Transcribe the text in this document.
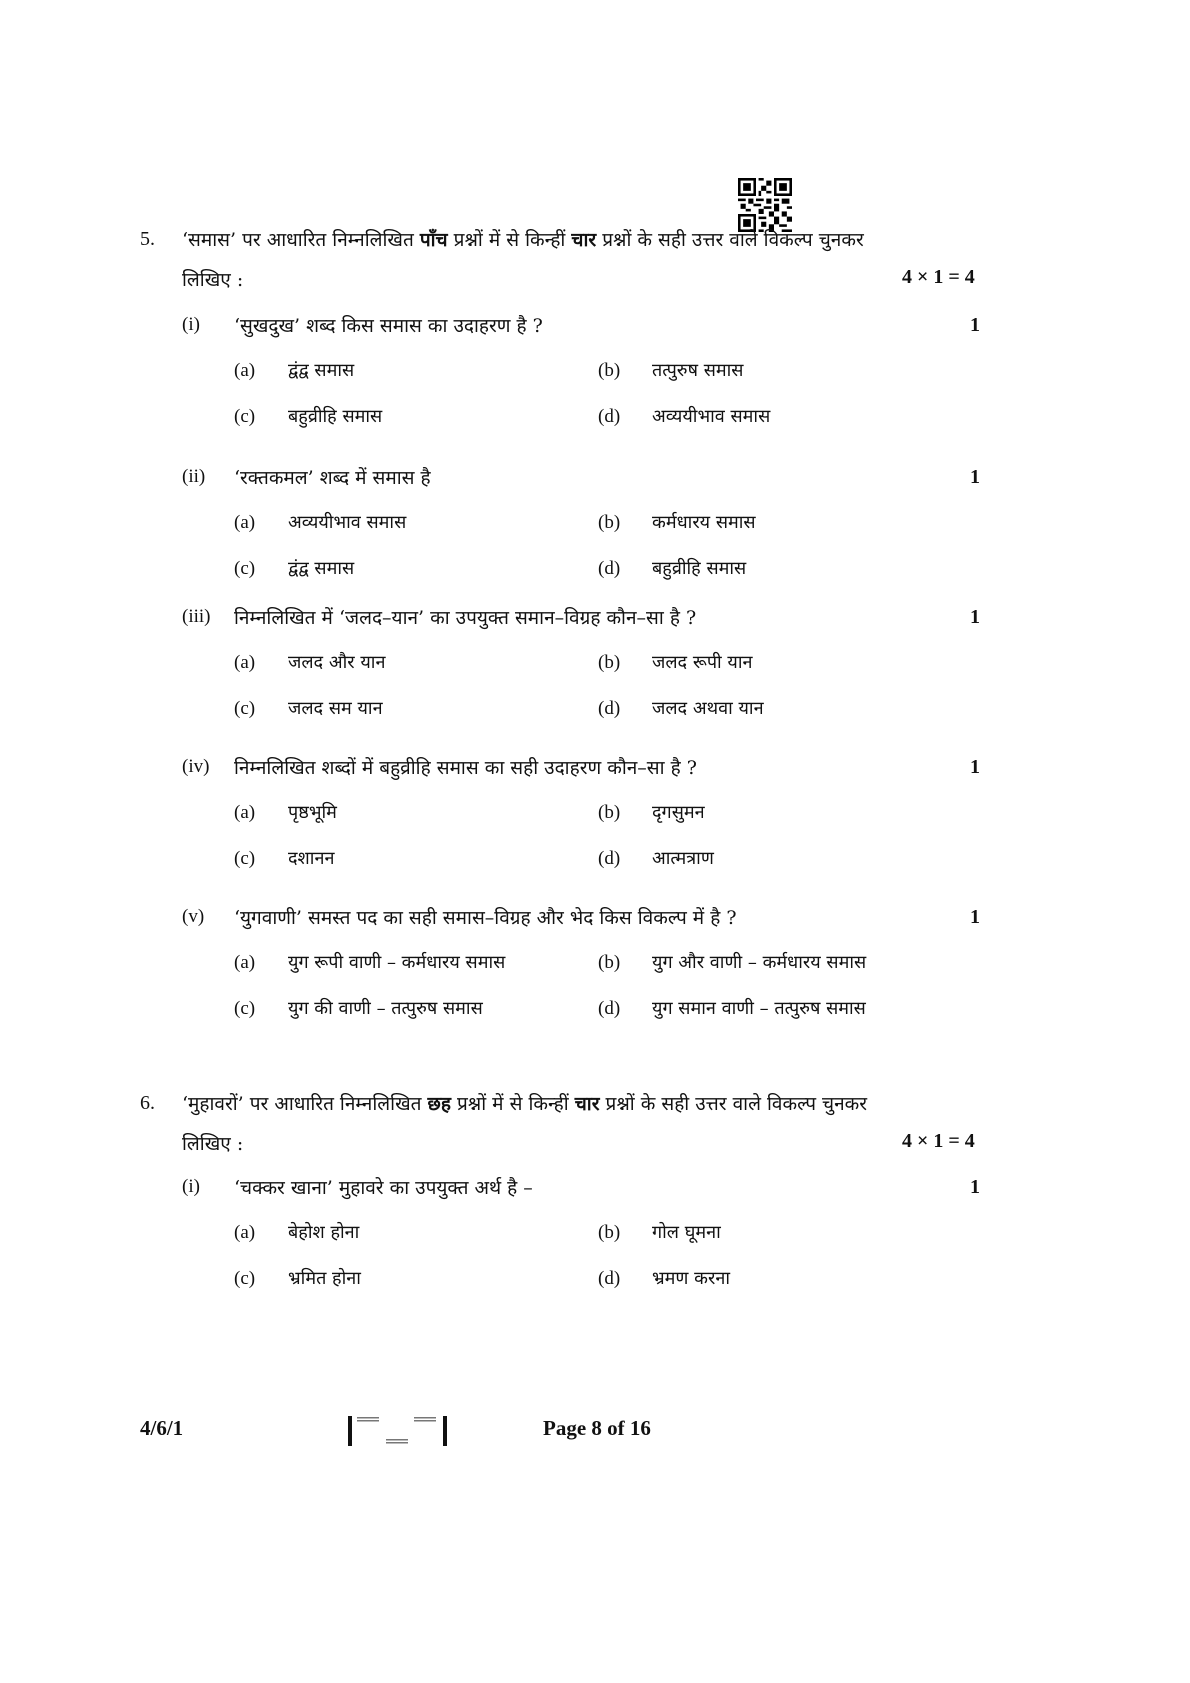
5. ‘समास’ पर आधारित निम्नलिखित पाँच प्रश्नों में से किन्हीं चार प्रश्नों के सही उत्तर वाले विकल्प चुनकर
लिखिए :	4 × 1 = 4
(i) ‘सुखदुख’ शब्द किस समास का उदाहरण है ?	1
(a) द्वंद्व समास	(b) तत्पुरुष समास
(c) बहुव्रीहि समास	(d) अव्ययीभाव समास
(ii) ‘रक्तकमल’ शब्द में समास है	1
(a) अव्ययीभाव समास	(b) कर्मधारय समास
(c) द्वंद्व समास	(d) बहुव्रीहि समास
(iii) निम्नलिखित में ‘जलद–यान’ का उपयुक्त समान–विग्रह कौन–सा है ?	1
(a) जलद और यान	(b) जलद रूपी यान
(c) जलद सम यान	(d) जलद अथवा यान
(iv) निम्नलिखित शब्दों में बहुव्रीहि समास का सही उदाहरण कौन–सा है ?	1
(a) पृष्ठभूमि	(b) दृगसुमन
(c) दशानन	(d) आत्मत्राण
(v) ‘युगवाणी’ समस्त पद का सही समास–विग्रह और भेद किस विकल्प में है ?	1
(a) युग रूपी वाणी – कर्मधारय समास	(b) युग और वाणी – कर्मधारय समास
(c) युग की वाणी – तत्पुरुष समास	(d) युग समान वाणी – तत्पुरुष समास
6. ‘मुहावरों’ पर आधारित निम्नलिखित छह प्रश्नों में से किन्हीं चार प्रश्नों के सही उत्तर वाले विकल्प चुनकर
लिखिए :	4 × 1 = 4
(i) ‘चक्कर खाना’ मुहावरे का उपयुक्त अर्थ है –	1
(a) बेहोश होना	(b) गोल घूमना
(c) भ्रमित होना	(d) भ्रमण करना
4/6/1	Page 8 of 16
